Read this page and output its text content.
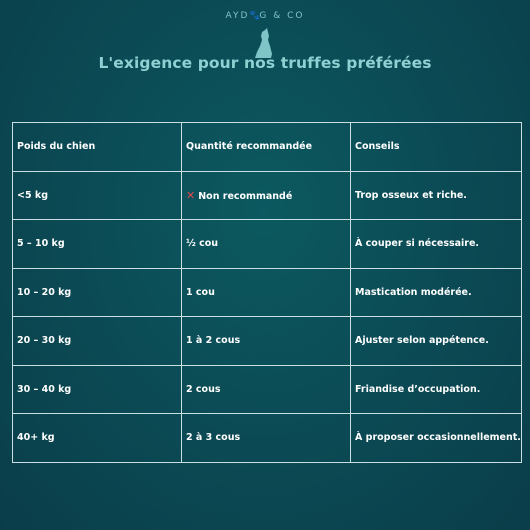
AYD🐾G & CO
L'exigence pour nos truffes préférées
Poids du chien	Quantité recommandée	Conseils
<5 kg	✕ Non recommandé	Trop osseux et riche.
5 – 10 kg	½ cou	À couper si nécessaire.
10 – 20 kg	1 cou	Mastication modérée.
20 – 30 kg	1 à 2 cous	Ajuster selon appétence.
30 – 40 kg	2 cous	Friandise d’occupation.
40+ kg	2 à 3 cous	À proposer occasionnellement.
